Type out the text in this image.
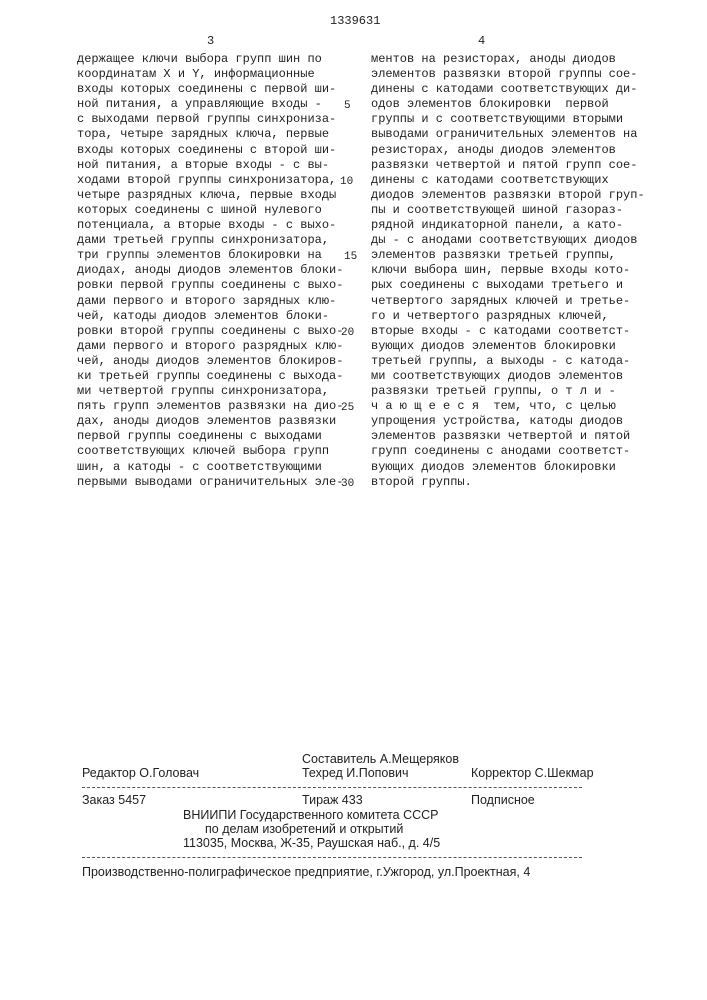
1339631
3	4
держащее ключи выбора групп шин по
координатам X и Y, информационные
входы которых соединены с первой ши-
ной питания, а управляющие входы -
с выходами первой группы синхрониза-
тора, четыре зарядных ключа, первые
входы которых соединены с второй ши-
ной питания, а вторые входы - с вы-
ходами второй группы синхронизатора,
четыре разрядных ключа, первые входы
которых соединены с шиной нулевого
потенциала, а вторые входы - с выхо-
дами третьей группы синхронизатора,
три группы элементов блокировки на
диодах, аноды диодов элементов блоки-
ровки первой группы соединены с выхо-
дами первого и второго зарядных клю-
чей, катоды диодов элементов блоки-
ровки второй группы соединены с выхо-
дами первого и второго разрядных клю-
чей, аноды диодов элементов блокиров-
ки третьей группы соединены с выхода-
ми четвертой группы синхронизатора,
пять групп элементов развязки на дио-
дах, аноды диодов элементов развязки
первой группы соединены с выходами
соответствующих ключей выбора групп
шин, а катоды - с соответствующими
первыми выводами ограничительных эле-
ментов на резисторах, аноды диодов
элементов развязки второй группы сое-
динены с катодами соответствующих ди-
одов элементов блокировки  первой
группы и с соответствующими вторыми
выводами ограничительных элементов на
резисторах, аноды диодов элементов
развязки четвертой и пятой групп сое-
динены с катодами соответствующих
диодов элементов развязки второй груп-
пы и соответствующей шиной газораз-
рядной индикаторной панели, а като-
ды - с анодами соответствующих диодов
элементов развязки третьей группы,
ключи выбора шин, первые входы кото-
рых соединены с выходами третьего и
четвертого зарядных ключей и третье-
го и четвертого разрядных ключей,
вторые входы - с катодами соответст-
вующих диодов элементов блокировки
третьей группы, а выходы - с катода-
ми соответствующих диодов элементов
развязки третьей группы, о т л и -
ч а ю щ е е с я  тем, что, с целью
упрощения устройства, катоды диодов
элементов развязки четвертой и пятой
групп соединены с анодами соответст-
вующих диодов элементов блокировки
второй группы.
5
10
15
20
25
30
Составитель А.Мещеряков
Редактор О.Головач	Техред И.Попович	Корректор С.Шекмар
Заказ 5457	Тираж 433	Подписное
ВНИИПИ Государственного комитета СССР
по делам изобретений и открытий
113035, Москва, Ж-35, Раушская наб., д. 4/5
Производственно-полиграфическое предприятие, г.Ужгород, ул.Проектная, 4
